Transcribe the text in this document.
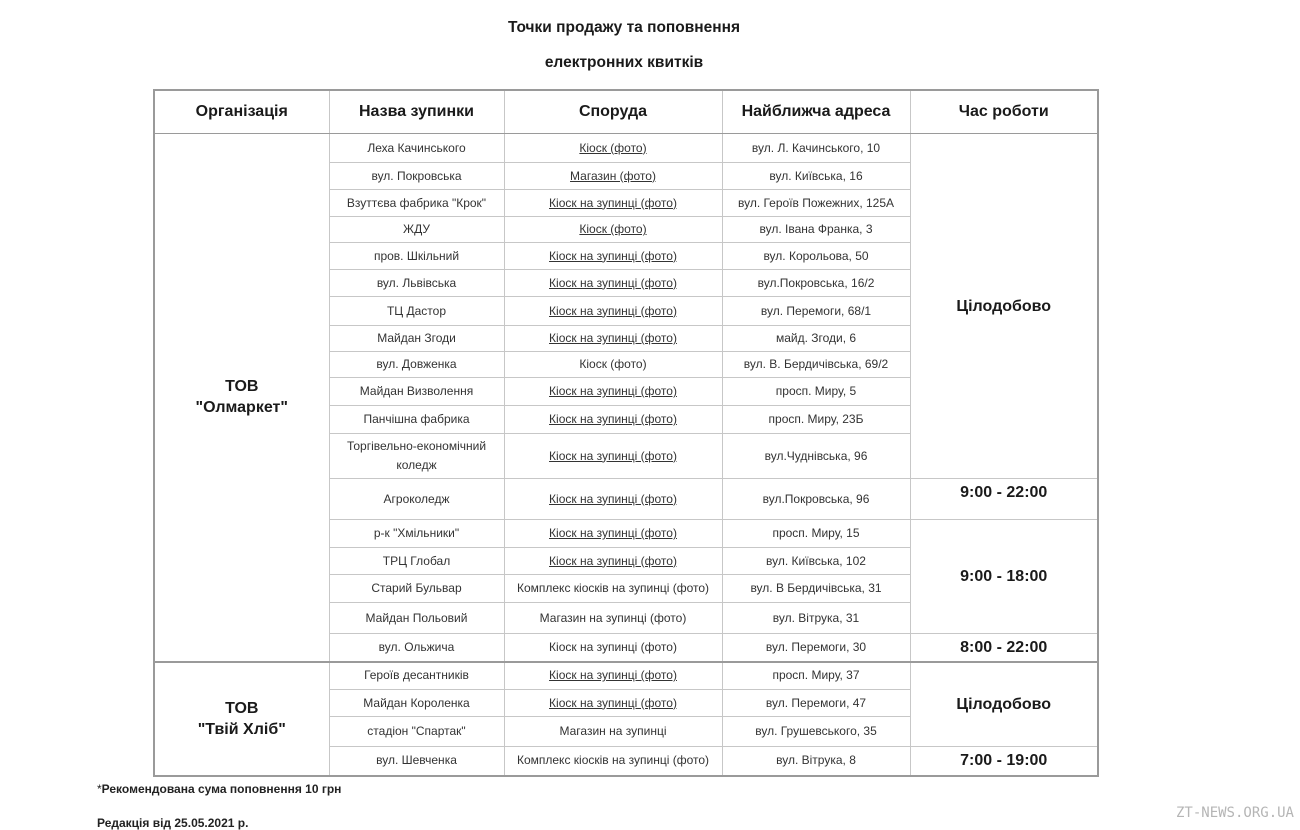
Точки продажу та поповнення
електронних квитків
Організація	Назва зупинки	Споруда	Найближча адреса	Час роботи

ТОВ
"Олмаркет"	Леха Качинського	Кіоск (фото)	вул. Л. Качинського, 10	Цілодобово
	вул. Покровська	Магазин (фото)	вул. Київська, 16	
	Взуттєва фабрика "Крок"	Кіоск на зупинці (фото)	вул. Героїв Пожежних, 125А	
	ЖДУ	Кіоск (фото)	вул. Івана Франка, 3	
	пров. Шкільний	Кіоск на зупинці (фото)	вул. Корольова, 50	
	вул. Львівська	Кіоск на зупинці (фото)	вул.Покровська, 16/2	
	ТЦ Дастор	Кіоск на зупинці (фото)	вул. Перемоги, 68/1	
	Майдан Згоди	Кіоск на зупинці (фото)	майд. Згоди, 6	
	вул. Довженка	Кіоск (фото)	вул. В. Бердичівська, 69/2	
	Майдан Визволення	Кіоск на зупинці (фото)	просп. Миру, 5	
	Панчішна фабрика	Кіоск на зупинці (фото)	просп. Миру, 23Б	
	Торгівельно-економічний коледж	Кіоск на зупинці (фото)	вул.Чуднівська, 96	
	Агроколедж	Кіоск на зупинці (фото)	вул.Покровська, 96	9:00 - 22:00
	р-к "Хмільники"	Кіоск на зупинці (фото)	просп. Миру, 15	9:00 - 18:00
	ТРЦ Глобал	Кіоск на зупинці (фото)	вул. Київська, 102	
	Старий Бульвар	Комплекс кіосків на зупинці (фото)	вул. В Бердичівська, 31	
	Майдан Польовий	Магазин на зупинці (фото)	вул. Вітрука, 31	
	вул. Ольжича	Кіоск на зупинці (фото)	вул. Перемоги, 30	8:00 - 22:00

ТОВ
"Твій Хліб"	Героїв десантників	Кіоск на зупинці (фото)	просп. Миру, 37	Цілодобово
	Майдан Короленка	Кіоск на зупинці (фото)	вул. Перемоги, 47	
	стадіон "Спартак"	Магазин на зупинці	вул. Грушевського, 35	
	вул. Шевченка	Комплекс кіосків на зупинці (фото)	вул. Вітрука, 8	7:00 - 19:00
*Рекомендована сума поповнення 10 грн
Редакція від 25.05.2021 р.
ZT-NEWS.ORG.UA
